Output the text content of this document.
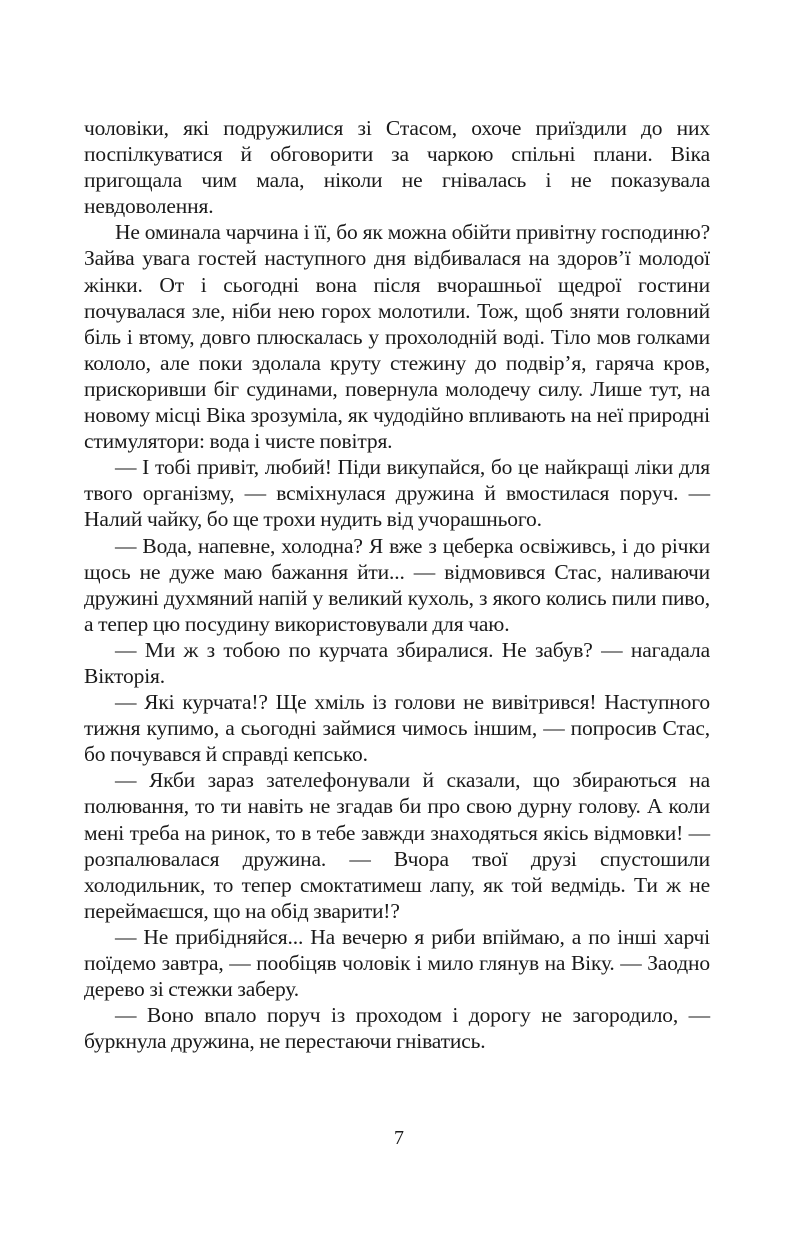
чоловіки, які подружилися зі Стасом, охоче приїздили до них поспілкуватися й обговорити за чаркою спільні плани. Віка пригощала чим мала, ніколи не гнівалась і не показувала невдоволення.

Не оминала чарчина і її, бо як можна обійти привітну господиню? Зайва увага гостей наступного дня відбивалася на здоров’ї молодої жінки. От і сьогодні вона після вчорашньої щедрої гостини почувалася зле, ніби нею горох молотили. Тож, щоб зняти головний біль і втому, довго плюскалась у прохолодній воді. Тіло мов голками кололо, але поки здолала круту стежину до подвір’я, гаряча кров, прискоривши біг судинами, повернула молодечу силу. Лише тут, на новому місці Віка зрозуміла, як чудодійно впливають на неї природні стимулятори: вода і чисте повітря.

— І тобі привіт, любий! Піди викупайся, бо це найкращі ліки для твого організму, — всміхнулася дружина й вмостилася поруч. — Налий чайку, бо ще трохи нудить від учорашнього.

— Вода, напевне, холодна? Я вже з цеберка освіживсь, і до річки щось не дуже маю бажання йти... — відмовився Стас, наливаючи дружині духмяний напій у великий кухоль, з якого колись пили пиво, а тепер цю посудину використовували для чаю.

— Ми ж з тобою по курчата збиралися. Не забув? — нагадала Вікторія.

— Які курчата!? Ще хміль із голови не вивітрився! Наступного тижня купимо, а сьогодні займися чимось іншим, — попросив Стас, бо почувався й справді кепсько.

— Якби зараз зателефонували й сказали, що збираються на полювання, то ти навіть не згадав би про свою дурну голову. А коли мені треба на ринок, то в тебе завжди знаходяться якісь відмовки! — розпалювалася дружина. — Вчора твої друзі спустошили холодильник, то тепер смоктатимеш лапу, як той ведмідь. Ти ж не переймаєшся, що на обід зварити!?

— Не прибідняйся... На вечерю я риби впіймаю, а по інші харчі поїдемо завтра, — пообіцяв чоловік і мило глянув на Віку. — Заодно дерево зі стежки заберу.

— Воно впало поруч із проходом і дорогу не загородило, — буркнула дружина, не перестаючи гніватись.

7
